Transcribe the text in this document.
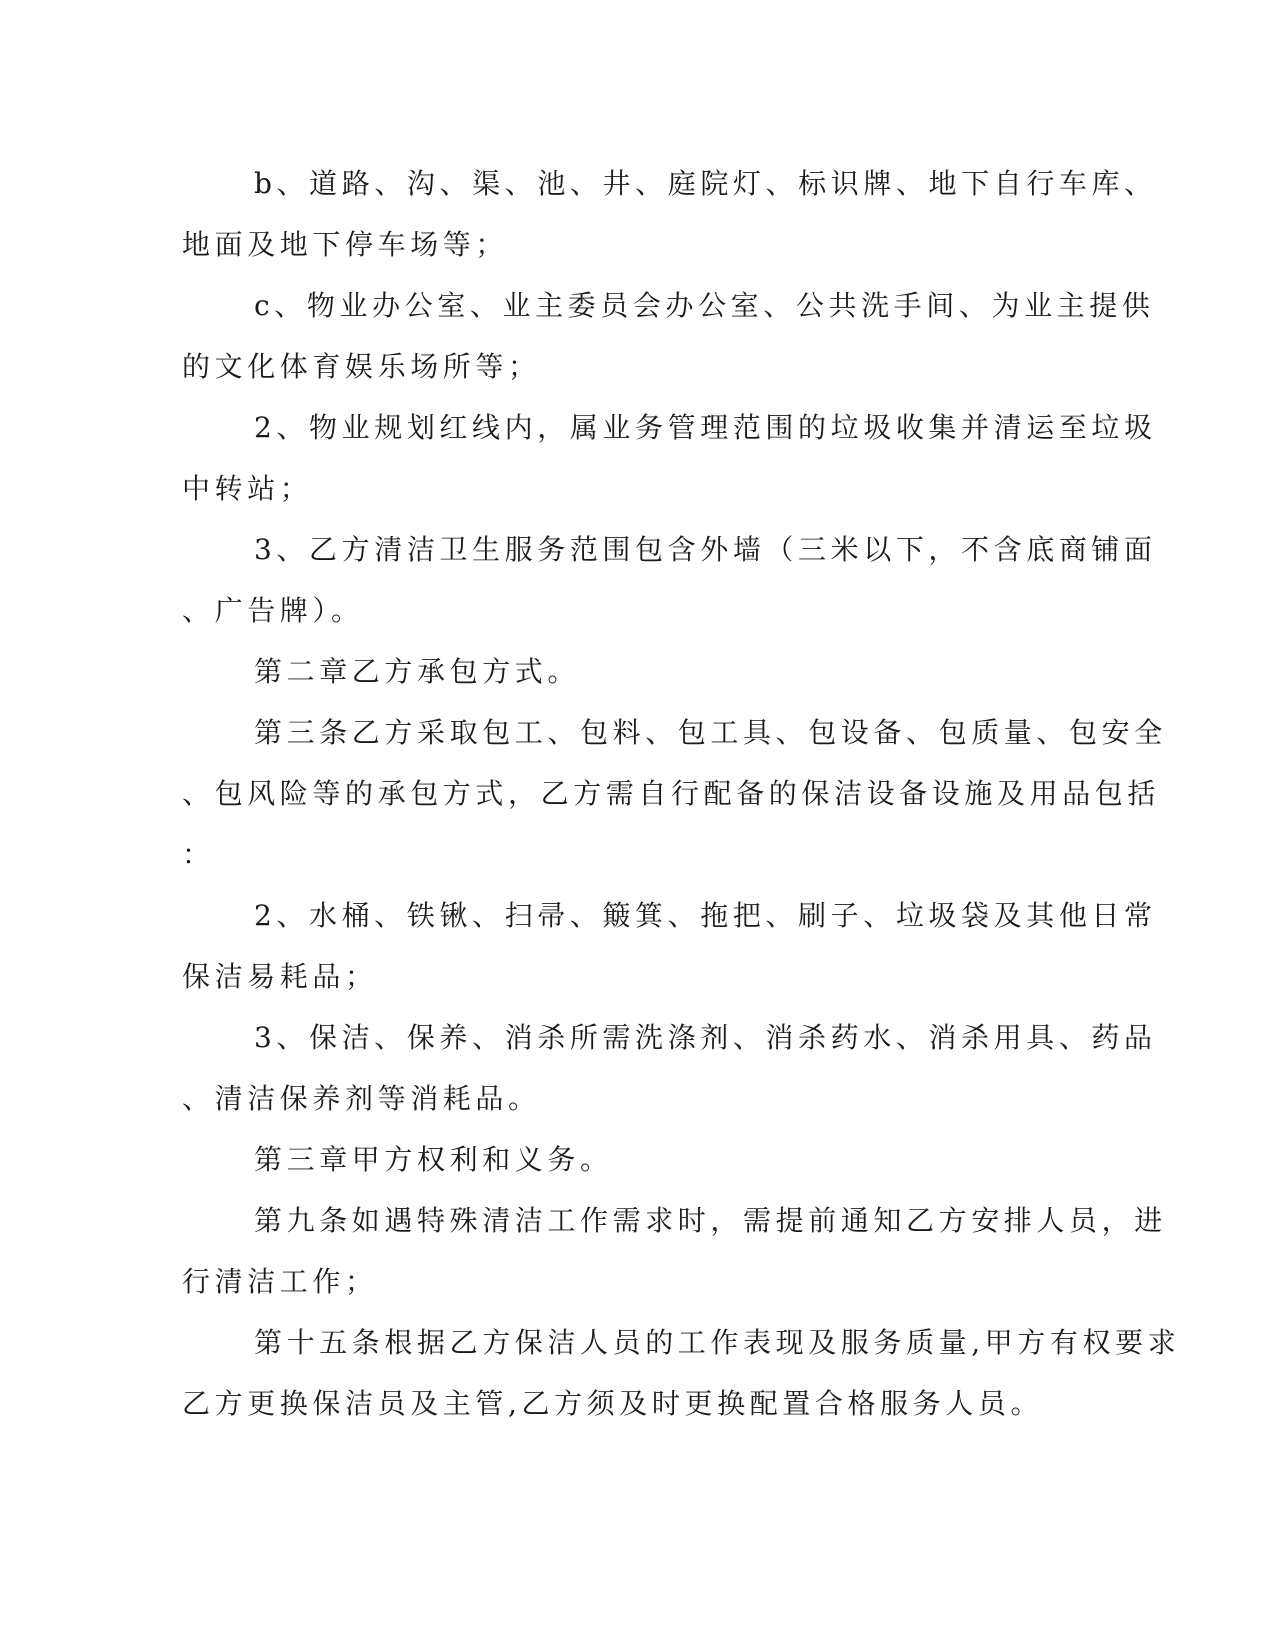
b、道路、沟、渠、池、井、庭院灯、标识牌、地下自行车库、
地面及地下停车场等；
c、物业办公室、业主委员会办公室、公共洗手间、为业主提供
的文化体育娱乐场所等；
2、物业规划红线内，属业务管理范围的垃圾收集并清运至垃圾
中转站；
3、乙方清洁卫生服务范围包含外墙（三米以下，不含底商铺面
、广告牌）。
第二章乙方承包方式。
第三条乙方采取包工、包料、包工具、包设备、包质量、包安全
、包风险等的承包方式，乙方需自行配备的保洁设备设施及用品包括
：
2、水桶、铁锹、扫帚、簸箕、拖把、刷子、垃圾袋及其他日常
保洁易耗品；
3、保洁、保养、消杀所需洗涤剂、消杀药水、消杀用具、药品
、清洁保养剂等消耗品。
第三章甲方权利和义务。
第九条如遇特殊清洁工作需求时，需提前通知乙方安排人员，进
行清洁工作；
第十五条根据乙方保洁人员的工作表现及服务质量,甲方有权要求
乙方更换保洁员及主管,乙方须及时更换配置合格服务人员。
